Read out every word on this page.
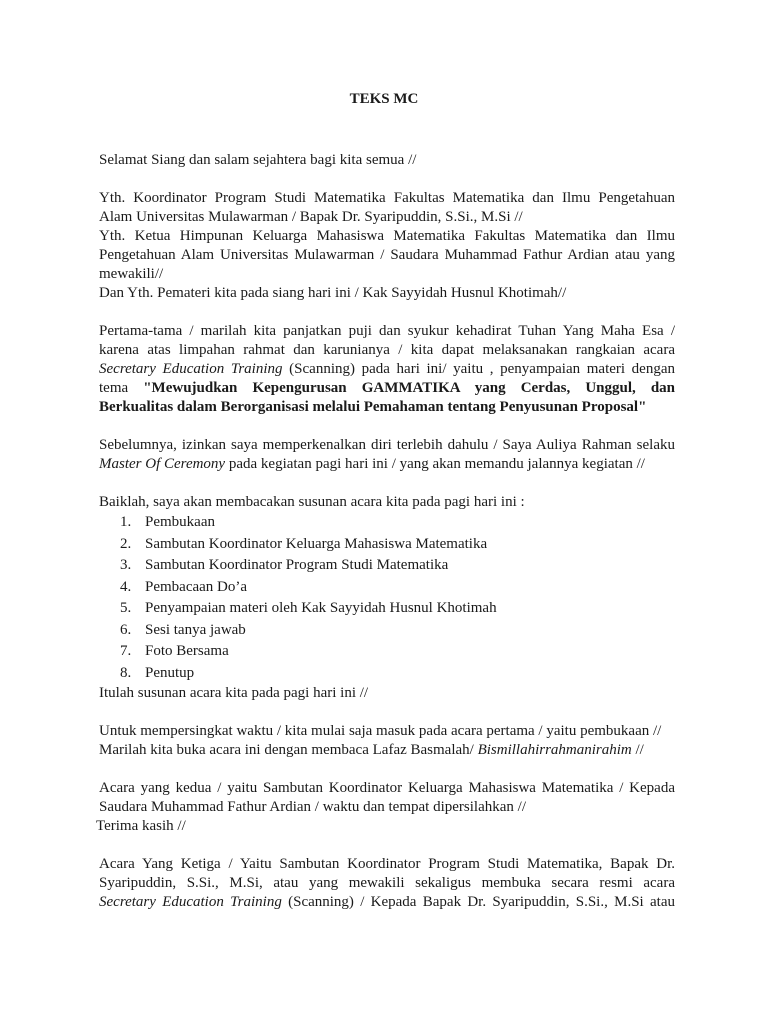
TEKS MC

Selamat Siang dan salam sejahtera bagi kita semua //

Yth. Koordinator Program Studi Matematika Fakultas Matematika dan Ilmu Pengetahuan
Alam Universitas Mulawarman / Bapak Dr. Syaripuddin, S.Si., M.Si //
Yth. Ketua Himpunan Keluarga Mahasiswa Matematika Fakultas Matematika dan Ilmu
Pengetahuan Alam Universitas Mulawarman / Saudara Muhammad Fathur Ardian atau yang
mewakili//
Dan Yth. Pemateri kita pada siang hari ini / Kak Sayyidah Husnul Khotimah//

Pertama-tama / marilah kita panjatkan puji dan syukur kehadirat Tuhan Yang Maha Esa /
karena atas limpahan rahmat dan karunianya / kita dapat melaksanakan rangkaian acara
Secretary Education Training (Scanning) pada hari ini/ yaitu , penyampaian materi dengan
tema "Mewujudkan Kepengurusan GAMMATIKA yang Cerdas, Unggul, dan
Berkualitas dalam Berorganisasi melalui Pemahaman tentang Penyusunan Proposal"

Sebelumnya, izinkan saya memperkenalkan diri terlebih dahulu / Saya Auliya Rahman selaku
Master Of Ceremony pada kegiatan pagi hari ini / yang akan memandu jalannya kegiatan //

Baiklah, saya akan membacakan susunan acara kita pada pagi hari ini :
1. Pembukaan
2. Sambutan Koordinator Keluarga Mahasiswa Matematika
3. Sambutan Koordinator Program Studi Matematika
4. Pembacaan Do’a
5. Penyampaian materi oleh Kak Sayyidah Husnul Khotimah
6. Sesi tanya jawab
7. Foto Bersama
8. Penutup
Itulah susunan acara kita pada pagi hari ini //

Untuk mempersingkat waktu / kita mulai saja masuk pada acara pertama / yaitu pembukaan //
Marilah kita buka acara ini dengan membaca Lafaz Basmalah/ Bismillahirrahmanirahim //

Acara yang kedua / yaitu Sambutan Koordinator Keluarga Mahasiswa Matematika / Kepada
Saudara Muhammad Fathur Ardian / waktu dan tempat dipersilahkan //
Terima kasih //

Acara Yang Ketiga / Yaitu Sambutan Koordinator Program Studi Matematika, Bapak Dr.
Syaripuddin, S.Si., M.Si, atau yang mewakili sekaligus membuka secara resmi acara
Secretary Education Training (Scanning) / Kepada Bapak Dr. Syaripuddin, S.Si., M.Si atau
